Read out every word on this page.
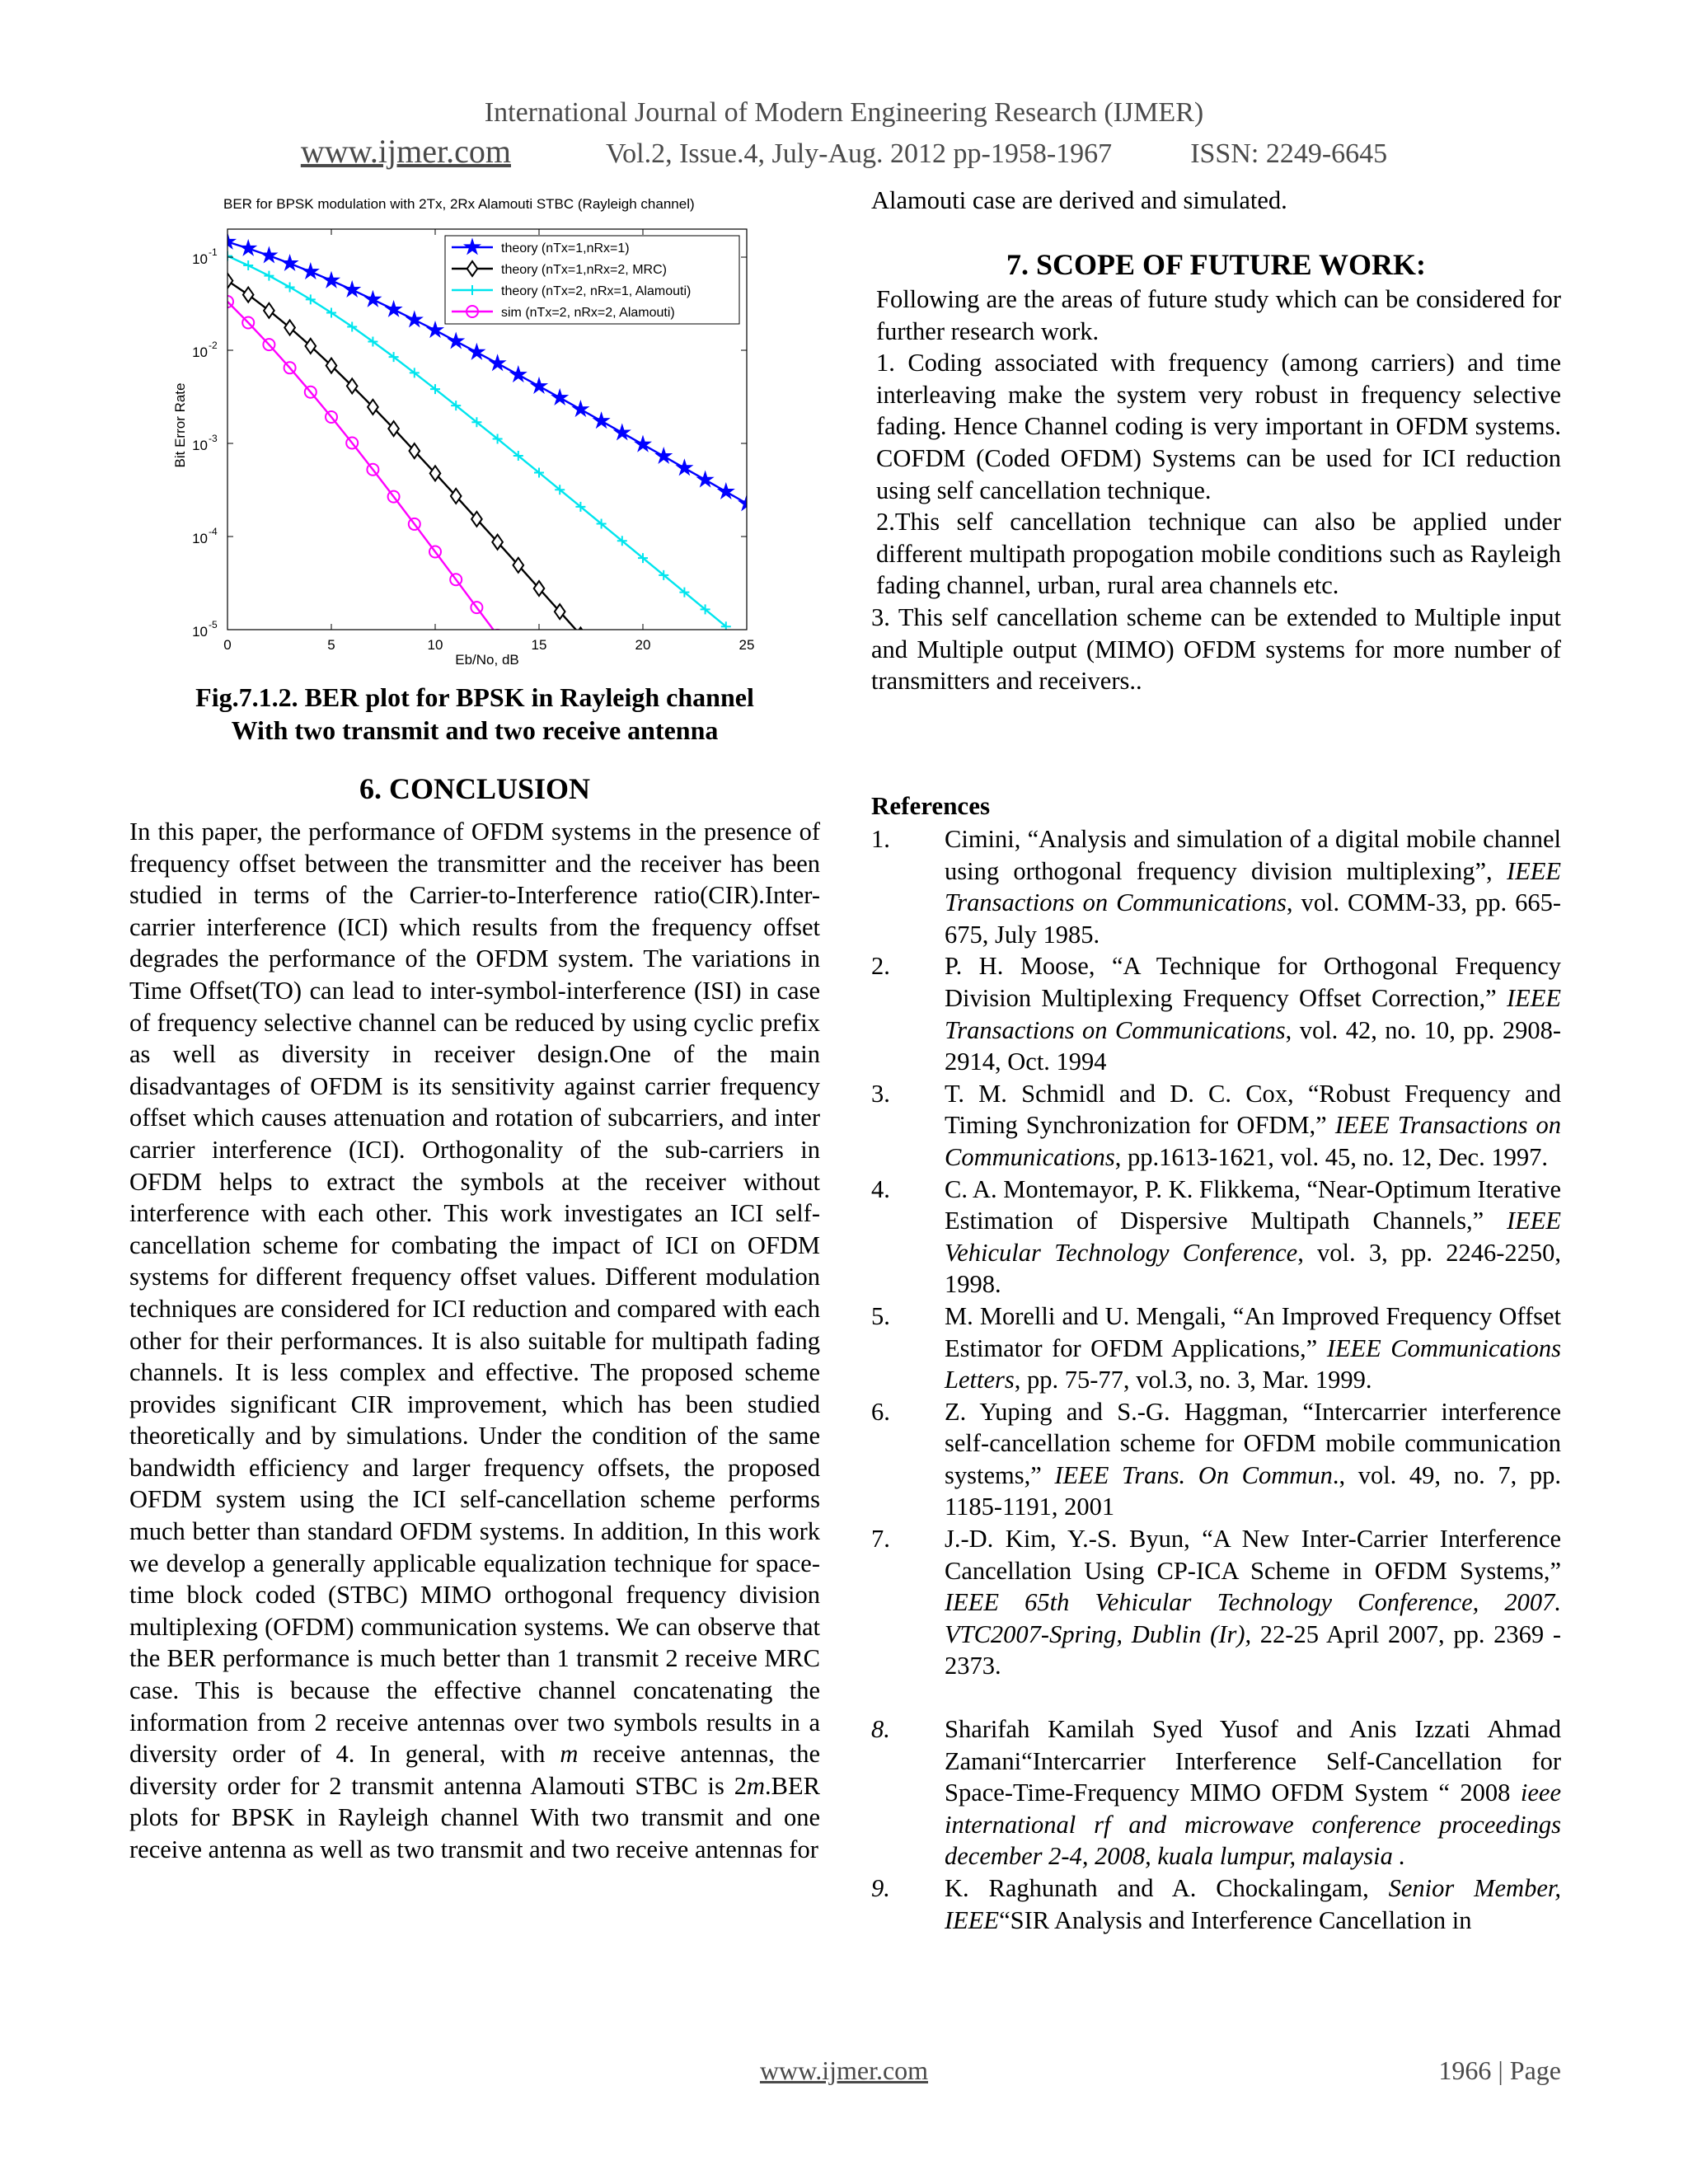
International Journal of Modern Engineering Research (IJMER)
www.ijmer.com	Vol.2, Issue.4, July-Aug. 2012 pp-1958-1967	ISSN: 2249-6645
BER for BPSK modulation with 2Tx, 2Rx Alamouti STBC (Rayleigh channel)
0	5	10	15	20	25
10 -1
10 -2
10 -3
10 -4
10 -5
theory (nTx=1,nRx=1)
theory (nTx=1,nRx=2, MRC)
theory (nTx=2, nRx=1, Alamouti)
sim (nTx=2, nRx=2, Alamouti)
Eb/No, dB
Bit Error Rate
Fig.7.1.2. BER plot for BPSK in Rayleigh channel
With two transmit and two receive antenna
6. CONCLUSION

In this paper, the performance of OFDM systems in the presence of frequency offset between the transmitter and the receiver has been studied in terms of the Carrier-to-Interference ratio(CIR).Inter-carrier interference (ICI) which results from the frequency offset degrades the performance of the OFDM system. The variations in Time Offset(TO) can lead to inter-symbol-interference (ISI) in case of frequency selective channel can be reduced by using cyclic prefix as well as diversity in receiver design.One of the main disadvantages of OFDM is its sensitivity against carrier frequency offset which causes attenuation and rotation of subcarriers, and inter carrier interference (ICI). Orthogonality of the sub-carriers in OFDM helps to extract the symbols at the receiver without interference with each other. This work investigates an ICI self-cancellation scheme for combating the impact of ICI on OFDM systems for different frequency offset values. Different modulation techniques are considered for ICI reduction and compared with each other for their performances. It is also suitable for multipath fading channels. It is less complex and effective. The proposed scheme provides significant CIR improvement, which has been studied theoretically and by simulations. Under the condition of the same bandwidth efficiency and larger frequency offsets, the proposed OFDM system using the ICI self-cancellation scheme performs much better than standard OFDM systems. In addition, In this work we develop a generally applicable equalization technique for space-time block coded (STBC) MIMO orthogonal frequency division multiplexing (OFDM) communication systems. We can observe that the BER performance is much better than 1 transmit 2 receive MRC case. This is because the effective channel concatenating the information from 2 receive antennas over two symbols results in a diversity order of 4. In general, with m receive antennas, the diversity order for 2 transmit antenna Alamouti STBC is 2m.BER plots for BPSK in Rayleigh channel With two transmit and one receive antenna as well as two transmit and two receive antennas for

Alamouti case are derived and simulated.

7. SCOPE OF FUTURE WORK:

Following are the areas of future study which can be considered for further research work.

1. Coding associated with frequency (among carriers) and time interleaving make the system very robust in frequency selective fading. Hence Channel coding is very important in OFDM systems. COFDM (Coded OFDM) Systems can be used for ICI reduction using self cancellation technique.

2.This self cancellation technique can also be applied under different multipath propogation mobile conditions such as Rayleigh fading channel, urban, rural area channels etc.

3. This self cancellation scheme can be extended to Multiple input and Multiple output (MIMO) OFDM systems for more number of transmitters and receivers..

References
1.	Cimini, “Analysis and simulation of a digital mobile channel using orthogonal frequency division multiplexing”, IEEE Transactions on Communications, vol. COMM-33, pp. 665-675, July 1985.
2.	P. H. Moose, “A Technique for Orthogonal Frequency Division Multiplexing Frequency Offset Correction,” IEEE Transactions on Communications, vol. 42, no. 10, pp. 2908-2914, Oct. 1994
3.	T. M. Schmidl and D. C. Cox, “Robust Frequency and Timing Synchronization for OFDM,” IEEE Transactions on Communications, pp.1613-1621, vol. 45, no. 12, Dec. 1997.
4.	C. A. Montemayor, P. K. Flikkema, “Near-Optimum Iterative Estimation of Dispersive Multipath Channels,” IEEE Vehicular Technology Conference, vol. 3, pp. 2246-2250, 1998.
5.	M. Morelli and U. Mengali, “An Improved Frequency Offset Estimator for OFDM Applications,” IEEE Communications Letters, pp. 75-77, vol.3, no. 3, Mar. 1999.
6.	Z. Yuping and S.-G. Haggman, “Intercarrier interference self-cancellation scheme for OFDM mobile communication systems,” IEEE Trans. On Commun., vol. 49, no. 7, pp. 1185-1191, 2001
7.	J.-D. Kim, Y.-S. Byun, “A New Inter-Carrier Interference Cancellation Using CP-ICA Scheme in OFDM Systems,” IEEE 65th Vehicular Technology Conference, 2007. VTC2007-Spring, Dublin (Ir), 22-25 April 2007, pp. 2369 - 2373.
8.	Sharifah Kamilah Syed Yusof and Anis Izzati Ahmad Zamani“Intercarrier Interference Self-Cancellation for Space-Time-Frequency MIMO OFDM System “ 2008 ieee international rf and microwave conference proceedings december 2-4, 2008, kuala lumpur, malaysia .
9.	K. Raghunath and A. Chockalingam, Senior Member, IEEE“SIR Analysis and Interference Cancellation in
www.ijmer.com	1966 | Page
